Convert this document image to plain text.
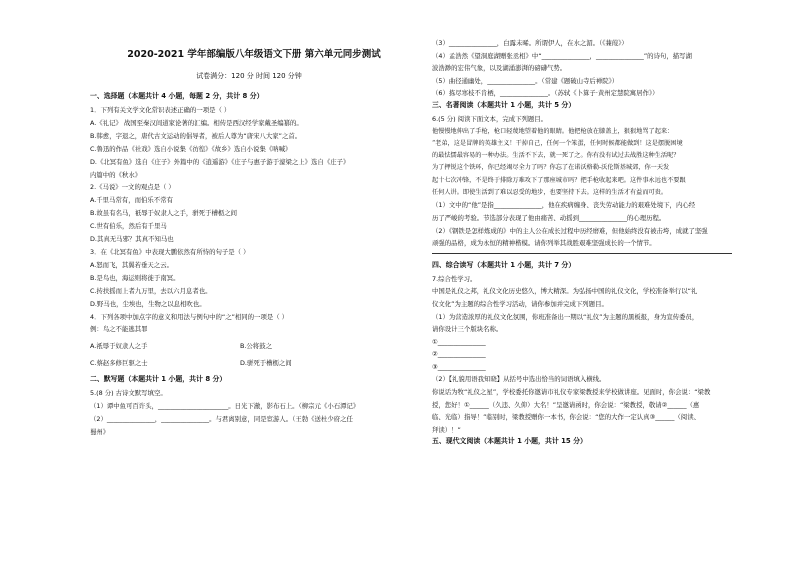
2020-2021 学年部编版八年级语文下册 第六单元同步测试
试卷满分：120 分 时间 120 分钟
一、选择题（本题共计 4 小题，每题 2 分，共计 8 分）
1．下列有关文学文化常识表述正确的一项是（ ）
A.《礼记》 战国至秦汉间道家论著的汇编。相传是西汉经学家戴圣编纂的。
B.韩愈，字退之，唐代古文运动的倡导者，被后人尊为“唐宋八大家”之首。
C.鲁迅的作品《社戏》选自小说集《彷徨》《故乡》选自小说集《呐喊》
D.《北冥有鱼》选自《庄子》外篇中的《逍遥游》《庄子与惠子游于濠梁之上》选自《庄子》
内篇中的《秋水》
2.《马说》一文的观点是（ ）
A.千里马常有，而伯乐不常有
B.故虽有名马，祇辱于奴隶人之手，骈死于槽枥之间
C.世有伯乐，然后有千里马
D.其真无马邪？其真不知马也
3．在《北冥有鱼》中表现大鹏依然有所恃的句子是（ ）
A.怒而飞，其翼若垂天之云。
B.是鸟也，海运则将徙于南冥。
C.抟扶摇而上者九万里，去以六月息者也。
D.野马也，尘埃也，生物之以息相吹也。
4．下列各项中加点字的意义和用法与例句中的“之”相同的一项是（ ）
例：鸟之不能逃其罪
A.祇辱于奴隶人之手	B.公将鼓之
C.蔡赵多修巨驱之士	D.骈死于槽枥之间
二、默写题（本题共计 1 小题，共计 8 分）
5.(8 分) 古诗文默写填空。
（1）谭中鱼可百许头，______________________。日光下澈，影布石上。（柳宗元《小石潭记》
（2）_______________，_______________。与君离别意，同是宦游人。（王勃《送杜少府之任
蜀州》
（3）_______________，白露未晞。所谓伊人，在水之湄。（《蒹葭》）
（4）孟浩然《望洞庭湖赠张丞相》中“_______________，_______________”的诗句，描写湖
波浩渺的宏伟气象，以及湖涌澎湃的磅礴气势。
（5）曲径通幽处，_______________。（常建《题破山寺后禅院》）
（6）拣尽寒枝不肯栖，_______________。（苏轼《卜算子·黄州定慧院寓居作》）
三、名著阅读（本题共计 1 小题，共计 5 分）
6.(5 分) 阅读下面文本，完成下列题目。
他慢慢地伸出了手枪，枪口轻蔑地望着他的眼睛。他把枪放在膝盖上，狠狠地骂了起来：
“老弟，这是冒牌的英雄主义！干掉自己，任何一个笨蛋，任何时候都能做到！这是摆脱困境
的最怯懦最容易的一种办法。生活不下去，就一死了之。你有没有试过去战胜这种生活呢？
为了押锐这个铁环，你已经竭尽全力了吗？你忘了在诺沃格勒-沃伦斯基城郊，你一天发
起十七次冲锋，不是终于排除万难攻下了那座城市吗？把手枪收起来吧。这件事永远也不要跟
任何人讲。即使生活到了难以忍受的地步，也要坚持下去。这样的生活才有益而可贵。
（1）文中的“他”是指_______________，他在疾病缠身、丧失劳动能力的艰难处境下，内心经
历了严峻的考验。节选部分表现了他由痛苦、动摇到_______________的心理历程。
（2）《钢铁是怎样炼成的》中的主人公在成长过程中历经磨难，但他始终没有被击垮，成就了坚强
顽强的品格，成为永恒的精神楷模。请你列举其战胜艰难坚强成长的一个情节。
四、综合读写（本题共计 1 小题，共计 7 分）
7.综合性学习。
中国是礼仪之邦，礼仪文化历史悠久，博大精深。为弘扬中国的礼仪文化，学校准备举行以“礼
仪文化”为主题的综合性学习活动，请你参加并完成下列题目。
（1）为营造浓厚的礼仪文化氛围，你班准备出一期以“礼仪”为主题的黑板报，身为宣传委员，
请你设计三个版块名称。
①_______________
②_______________
③_______________
（2）【礼貌用语我知晓】从括号中选出恰当的词语填入横线。
你说话为牧“礼仪之星”，学校委托你邀请市礼仪专家梁教授来学校做讲座。见面时，你会说：“梁教
授，您好！①______（久违、久仰）大名！”呈邀请函时，你会说：“梁教授，敬请②______（惠
临、光临）指导！”临别时，梁教授赠你一本书，你会说：“您的大作一定认真③______（阅读、
拜读）！”
五、现代文阅读（本题共计 1 小题，共计 15 分）
